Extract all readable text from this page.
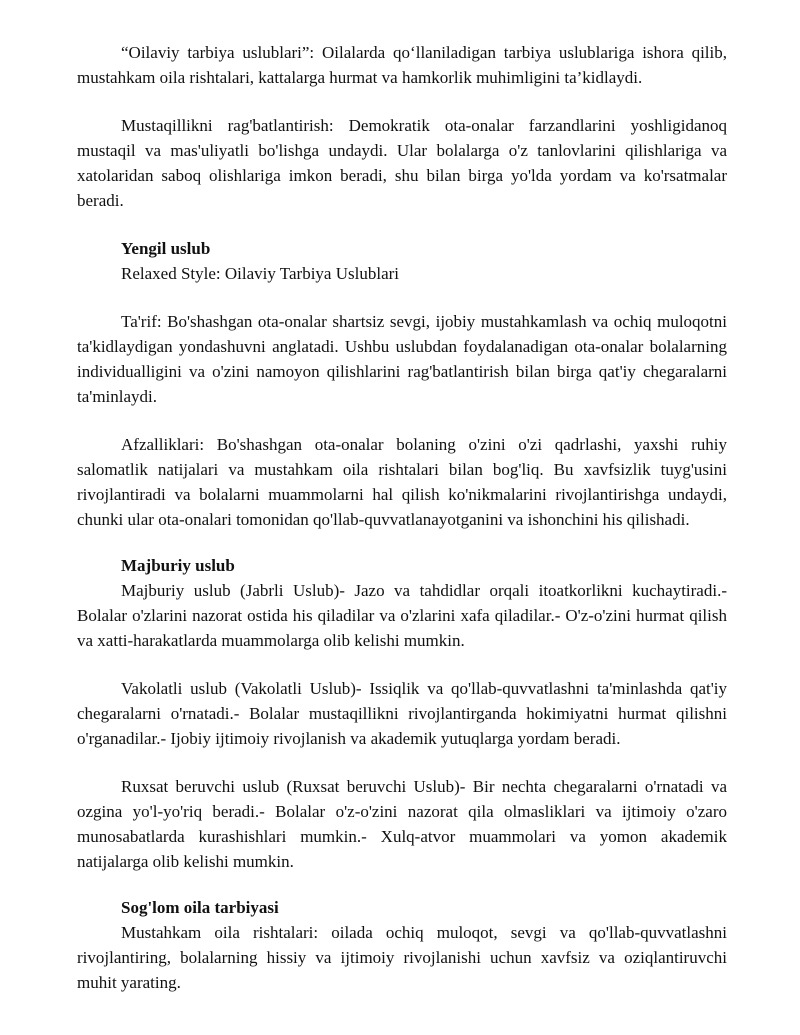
“Oilaviy tarbiya uslublari”: Oilalarda qo‘llaniladigan tarbiya uslublariga ishora qilib, mustahkam oila rishtalari, kattalarga hurmat va hamkorlik muhimligini ta’kidlaydi.

Mustaqillikni rag'batlantirish: Demokratik ota-onalar farzandlarini yoshligidanoq mustaqil va mas'uliyatli bo'lishga undaydi. Ular bolalarga o'z tanlovlarini qilishlariga va xatolaridan saboq olishlariga imkon beradi, shu bilan birga yo'lda yordam va ko'rsatmalar beradi.

Yengil uslub

Relaxed Style: Oilaviy Tarbiya Uslublari

Ta'rif: Bo'shashgan ota-onalar shartsiz sevgi, ijobiy mustahkamlash va ochiq muloqotni ta'kidlaydigan yondashuvni anglatadi. Ushbu uslubdan foydalanadigan ota-onalar bolalarning individualligini va o'zini namoyon qilishlarini rag'batlantirish bilan birga qat'iy chegaralarni ta'minlaydi.

Afzalliklari: Bo'shashgan ota-onalar bolaning o'zini o'zi qadrlashi, yaxshi ruhiy salomatlik natijalari va mustahkam oila rishtalari bilan bog'liq. Bu xavfsizlik tuyg'usini rivojlantiradi va bolalarni muammolarni hal qilish ko'nikmalarini rivojlantirishga undaydi, chunki ular ota-onalari tomonidan qo'llab-quvvatlanayotganini va ishonchini his qilishadi.

Majburiy uslub

Majburiy uslub (Jabrli Uslub)- Jazo va tahdidlar orqali itoatkorlikni kuchaytiradi.- Bolalar o'zlarini nazorat ostida his qiladilar va o'zlarini xafa qiladilar.- O'z-o'zini hurmat qilish va xatti-harakatlarda muammolarga olib kelishi mumkin.

Vakolatli uslub (Vakolatli Uslub)- Issiqlik va qo'llab-quvvatlashni ta'minlashda qat'iy chegaralarni o'rnatadi.- Bolalar mustaqillikni rivojlantirganda hokimiyatni hurmat qilishni o'rganadilar.- Ijobiy ijtimoiy rivojlanish va akademik yutuqlarga yordam beradi.

Ruxsat beruvchi uslub (Ruxsat beruvchi Uslub)- Bir nechta chegaralarni o'rnatadi va ozgina yo'l-yo'riq beradi.- Bolalar o'z-o'zini nazorat qila olmasliklari va ijtimoiy o'zaro munosabatlarda kurashishlari mumkin.- Xulq-atvor muammolari va yomon akademik natijalarga olib kelishi mumkin.

Sog'lom oila tarbiyasi

Mustahkam oila rishtalari: oilada ochiq muloqot, sevgi va qo'llab-quvvatlashni rivojlantiring, bolalarning hissiy va ijtimoiy rivojlanishi uchun xavfsiz va oziqlantiruvchi muhit yarating.
